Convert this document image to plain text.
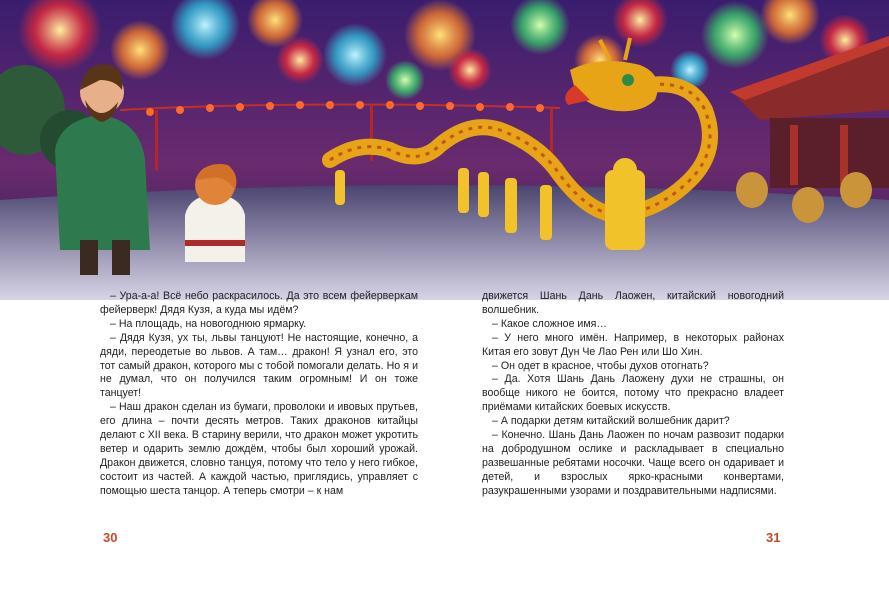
– Ура-а-а! Всё небо раскрасилось. Да это всем фейерверкам фейерверк! Дядя Кузя, а куда мы идём?

– На площадь, на новогоднюю ярмарку.

– Дядя Кузя, ух ты, львы танцуют! Не настоящие, конечно, а дяди, переодетые во львов. А там… дракон! Я узнал его, это тот самый дракон, которого мы с тобой помогали делать. Но я и не думал, что он получился таким огромным! И он тоже танцует!

– Наш дракон сделан из бумаги, проволоки и ивовых прутьев, его длина – почти десять метров. Таких драконов китайцы делают с XII века. В старину верили, что дракон может укротить ветер и одарить землю дождём, чтобы был хороший урожай. Дракон движется, словно танцуя, потому что тело у него гибкое, состоит из частей. А каждой частью, приглядись, управляет с помощью шеста танцор. А теперь смотри – к нам

движется Шань Дань Лаожен, китайский новогодний волшебник.

– Какое сложное имя…

– У него много имён. Например, в некоторых районах Китая его зовут Дун Че Лао Рен или Шо Хин.

– Он одет в красное, чтобы духов отогнать?

– Да. Хотя Шань Дань Лаожену духи не страшны, он вообще никого не боится, потому что прекрасно владеет приёмами китайских боевых искусств.

– А подарки детям китайский волшебник дарит?

– Конечно. Шань Дань Лаожен по ночам развозит подарки на добродушном ослике и раскладывает в специально развешанные ребятами носочки. Чаще всего он одаривает и детей, и взрослых ярко-красными конвертами, разукрашенными узорами и поздравительными надписями.

30	31
